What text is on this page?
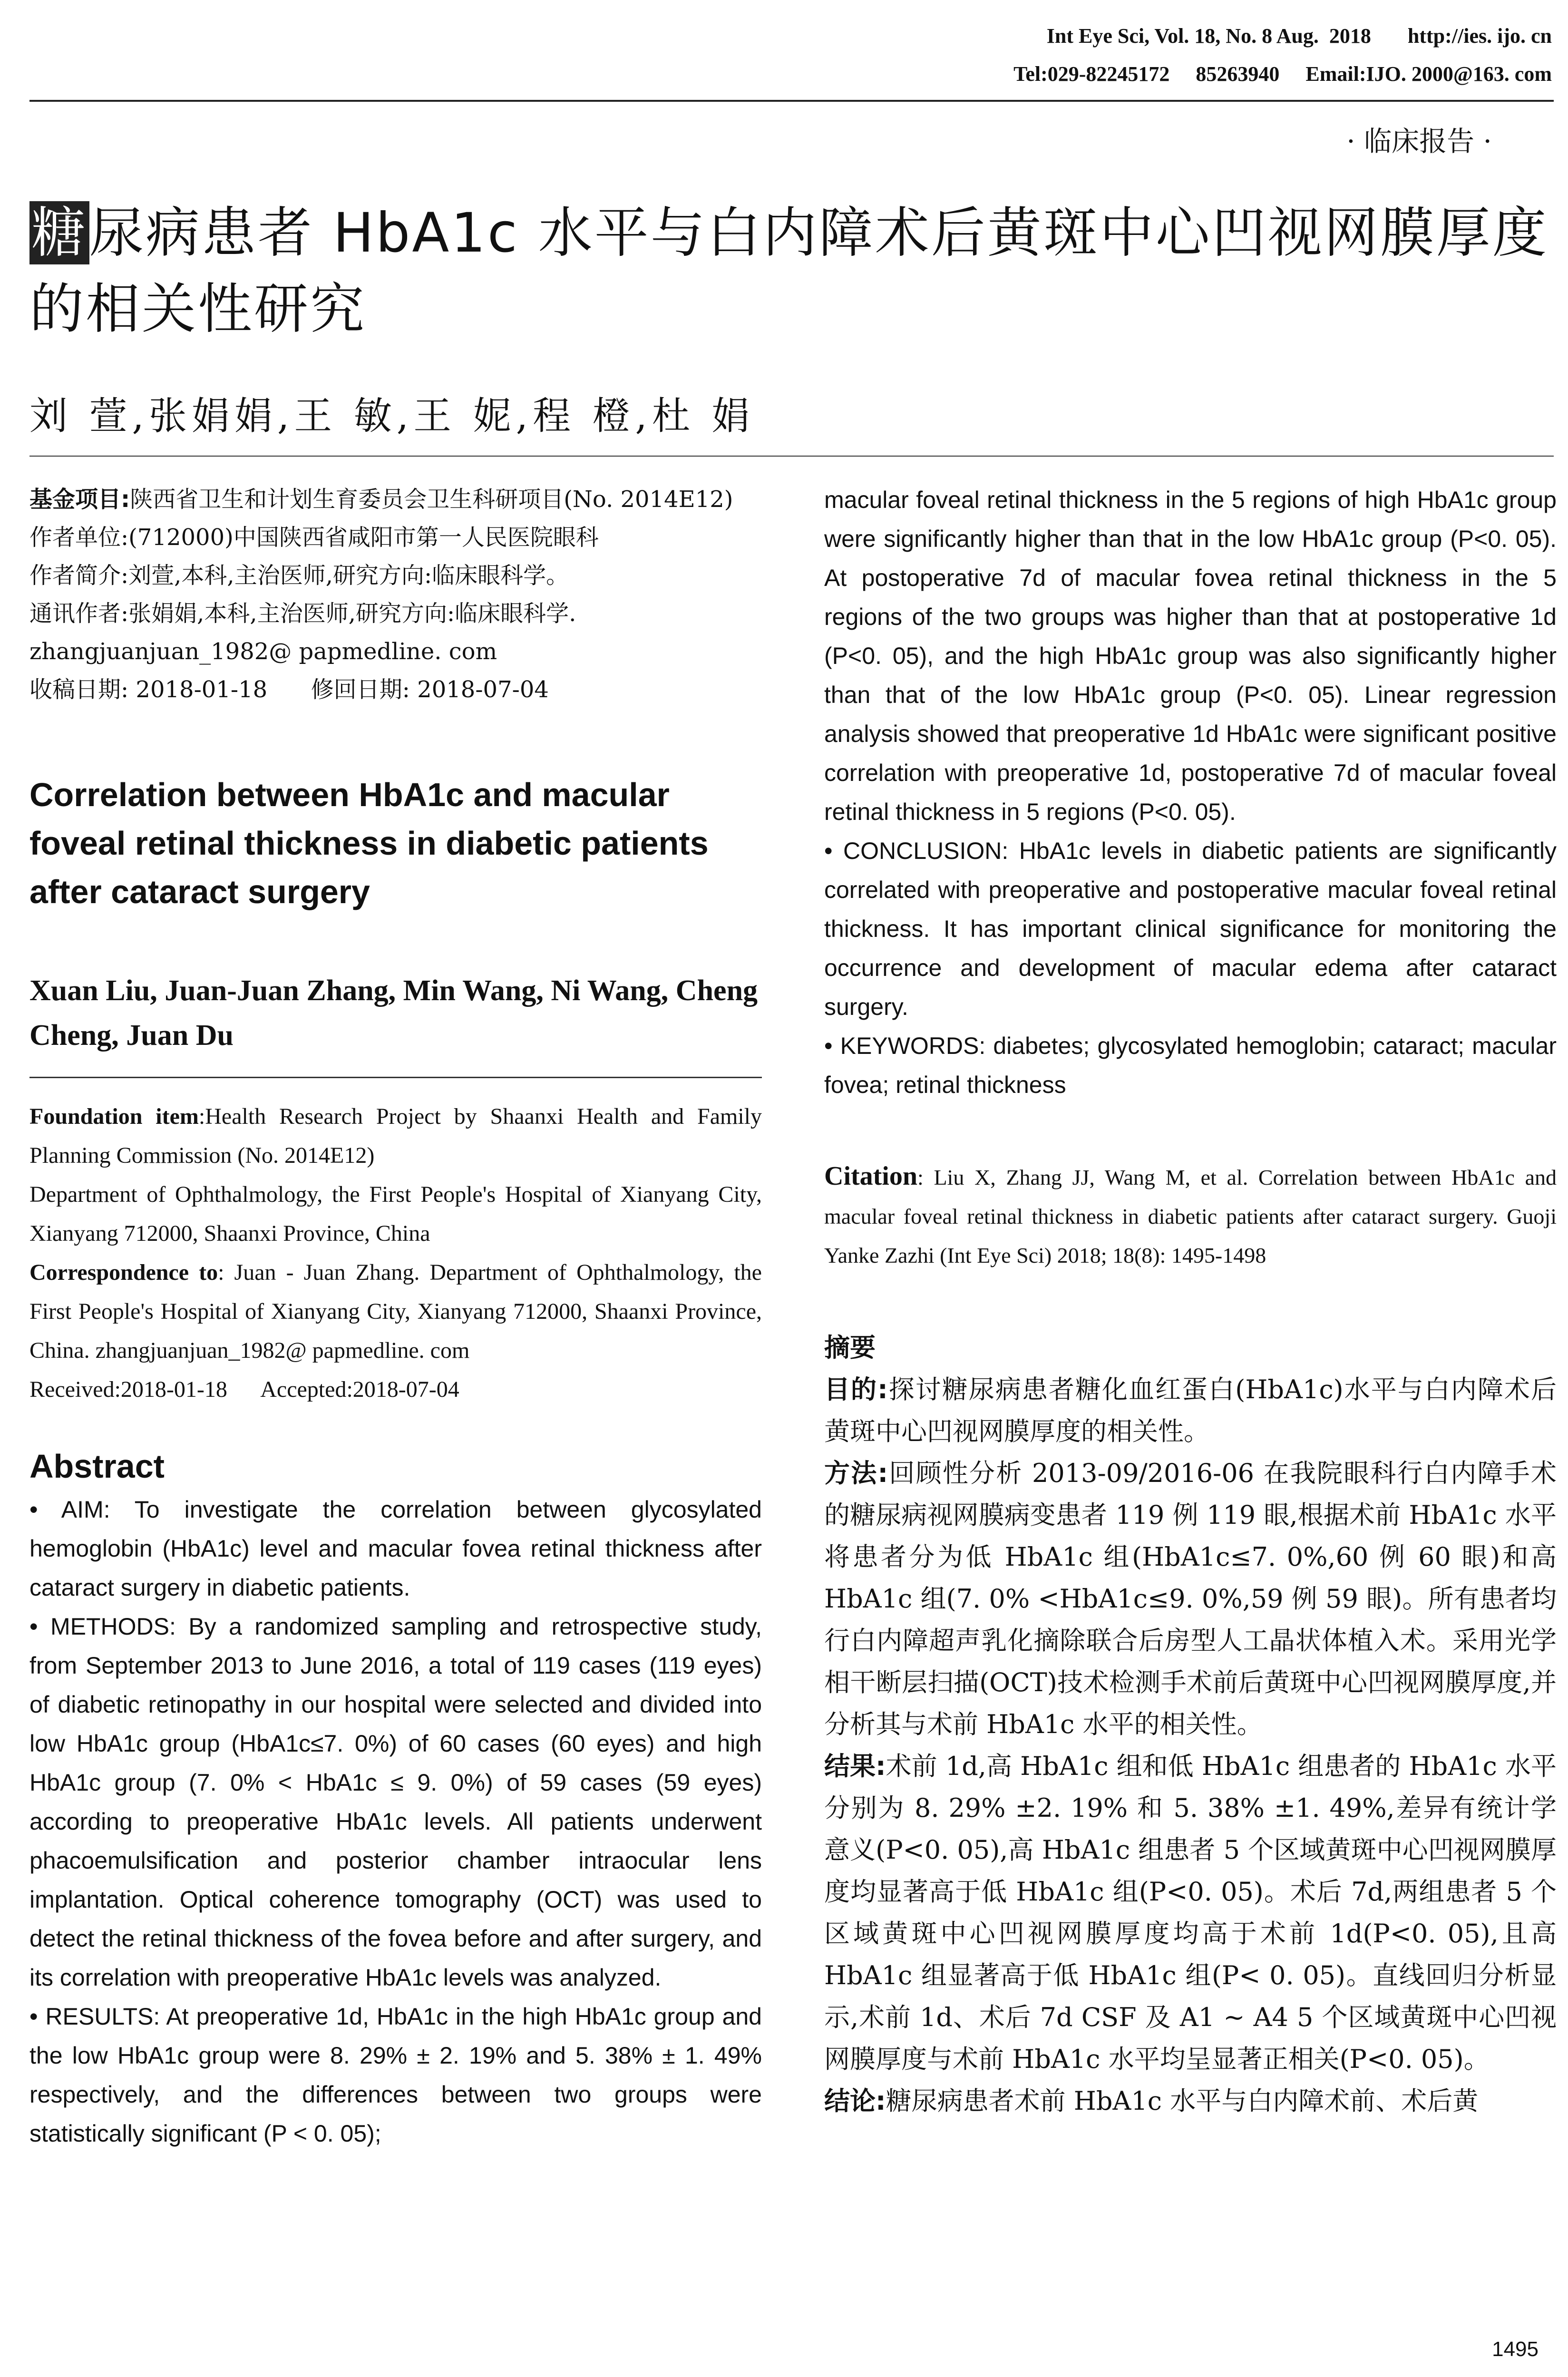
Int Eye Sci, Vol. 18, No. 8 Aug.  2018       http://ies. ijo. cn
Tel:029-82245172     85263940     Email:IJO. 2000@163. com
· 临床报告 ·
糖尿病患者 HbA1c 水平与白内障术后黄斑中心凹视网膜厚度的相关性研究
刘 萱,张娟娟,王 敏,王 妮,程 橙,杜 娟

基金项目:陕西省卫生和计划生育委员会卫生科研项目(No. 2014E12)

作者单位:(712000)中国陕西省咸阳市第一人民医院眼科

作者简介:刘萱,本科,主治医师,研究方向:临床眼科学。

通讯作者:张娟娟,本科,主治医师,研究方向:临床眼科学. zhangjuanjuan_1982@ papmedline. com

收稿日期: 2018-01-18      修回日期: 2018-07-04

Correlation between HbA1c and macular foveal retinal thickness in diabetic patients after cataract surgery
Xuan Liu, Juan-Juan Zhang, Min Wang, Ni Wang, Cheng Cheng, Juan Du

Foundation item:Health Research Project by Shaanxi Health and Family Planning Commission (No. 2014E12)

Department of Ophthalmology, the First People's Hospital of Xianyang City, Xianyang 712000, Shaanxi Province, China

Correspondence to: Juan - Juan Zhang. Department of Ophthalmology, the First People's Hospital of Xianyang City, Xianyang 712000, Shaanxi Province, China. zhangjuanjuan_1982@ papmedline. com

Received:2018-01-18      Accepted:2018-07-04

Abstract

• AIM: To investigate the correlation between glycosylated hemoglobin (HbA1c) level and macular fovea retinal thickness after cataract surgery in diabetic patients.

• METHODS: By a randomized sampling and retrospective study, from September 2013 to June 2016, a total of 119 cases (119 eyes) of diabetic retinopathy in our hospital were selected and divided into low HbA1c group (HbA1c≤7. 0%) of 60 cases (60 eyes) and high HbA1c group (7. 0% < HbA1c ≤ 9. 0%) of 59 cases (59 eyes) according to preoperative HbA1c levels. All patients underwent phacoemulsification and posterior chamber intraocular lens implantation. Optical coherence tomography (OCT) was used to detect the retinal thickness of the fovea before and after surgery, and its correlation with preoperative HbA1c levels was analyzed.

• RESULTS: At preoperative 1d, HbA1c in the high HbA1c group and the low HbA1c group were 8. 29% ± 2. 19% and 5. 38% ± 1. 49% respectively, and the differences between two groups were statistically significant (P < 0. 05);

macular foveal retinal thickness in the 5 regions of high HbA1c group were significantly higher than that in the low HbA1c group (P<0. 05). At postoperative 7d of macular fovea retinal thickness in the 5 regions of the two groups was higher than that at postoperative 1d (P<0. 05), and the high HbA1c group was also significantly higher than that of the low HbA1c group (P<0. 05). Linear regression analysis showed that preoperative 1d HbA1c were significant positive correlation with preoperative 1d, postoperative 7d of macular foveal retinal thickness in 5 regions (P<0. 05).

• CONCLUSION: HbA1c levels in diabetic patients are significantly correlated with preoperative and postoperative macular foveal retinal thickness. It has important clinical significance for monitoring the occurrence and development of macular edema after cataract surgery.

• KEYWORDS: diabetes; glycosylated hemoglobin; cataract; macular fovea; retinal thickness

Citation: Liu X, Zhang JJ, Wang M, et al. Correlation between HbA1c and macular foveal retinal thickness in diabetic patients after cataract surgery. Guoji Yanke Zazhi (Int Eye Sci) 2018; 18(8): 1495-1498
摘要

目的:探讨糖尿病患者糖化血红蛋白(HbA1c)水平与白内障术后黄斑中心凹视网膜厚度的相关性。

方法:回顾性分析 2013-09/2016-06 在我院眼科行白内障手术的糖尿病视网膜病变患者 119 例 119 眼,根据术前 HbA1c 水平将患者分为低 HbA1c 组(HbA1c≤7. 0%,60 例 60 眼)和高 HbA1c 组(7. 0% <HbA1c≤9. 0%,59 例 59 眼)。所有患者均行白内障超声乳化摘除联合后房型人工晶状体植入术。采用光学相干断层扫描(OCT)技术检测手术前后黄斑中心凹视网膜厚度,并分析其与术前 HbA1c 水平的相关性。

结果:术前 1d,高 HbA1c 组和低 HbA1c 组患者的 HbA1c 水平分别为 8. 29% ±2. 19% 和 5. 38% ±1. 49%,差异有统计学意义(P<0. 05),高 HbA1c 组患者 5 个区域黄斑中心凹视网膜厚度均显著高于低 HbA1c 组(P<0. 05)。术后 7d,两组患者 5 个区域黄斑中心凹视网膜厚度均高于术前 1d(P<0. 05),且高 HbA1c 组显著高于低 HbA1c 组(P< 0. 05)。直线回归分析显示,术前 1d、术后 7d CSF 及 A1 ~ A4 5 个区域黄斑中心凹视网膜厚度与术前 HbA1c 水平均呈显著正相关(P<0. 05)。

结论:糖尿病患者术前 HbA1c 水平与白内障术前、术后黄

1495
